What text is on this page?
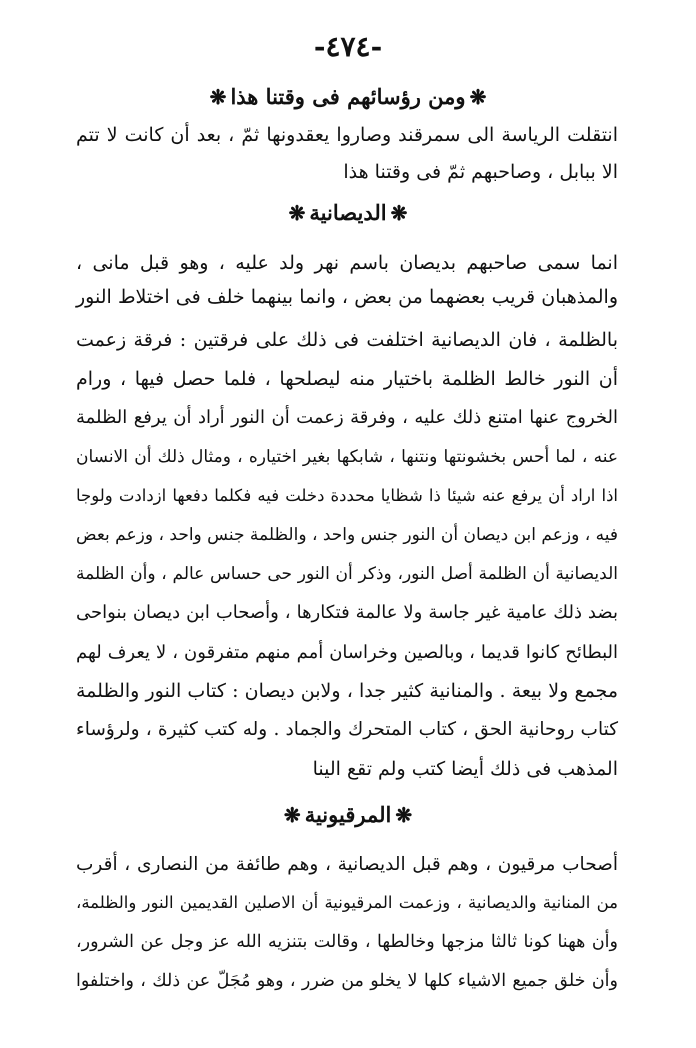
-٤٧٤-
❋ومن رؤسائهم فى وقتنا هذا❋
انتقلت الرياسة الى سمرقند وصاروا يعقدونها ثمّ ، بعد أن كانت لا تتم
الا ببابل ، وصاحبهم ثمّ فى وقتنا هذا
❋الديصانية❋
انما سمى صاحبهم بديصان باسم نهر ولد عليه ، وهو قبل مانى ،
والمذهبان قريب بعضهما من بعض ، وانما بينهما خلف فى اختلاط النور
بالظلمة ، فان الديصانية اختلفت فى ذلك على فرقتين : فرقة زعمت
أن النور خالط الظلمة باختيار منه ليصلحها ، فلما حصل فيها ، ورام
الخروج عنها امتنع ذلك عليه ، وفرقة زعمت أن النور أراد أن يرفع الظلمة
عنه ، لما أحس بخشونتها ونتنها ، شابكها بغير اختياره ، ومثال ذلك أن الانسان
اذا اراد أن يرفع عنه شيئا ذا شظايا محددة دخلت فيه فكلما دفعها ازدادت ولوجا
فيه ، وزعم ابن ديصان أن النور جنس واحد ، والظلمة جنس واحد ، وزعم بعض
الديصانية أن الظلمة أصل النور، وذكر أن النور حى حساس عالم ، وأن الظلمة
بضد ذلك عامية غير جاسة ولا عالمة فتكارها ، وأصحاب ابن ديصان بنواحى
البطائح كانوا قديما ، وبالصين وخراسان أمم منهم متفرقون ، لا يعرف لهم
مجمع ولا بيعة . والمنانية كثير جدا ، ولابن ديصان : كتاب النور والظلمة
كتاب روحانية الحق ، كتاب المتحرك والجماد . وله كتب كثيرة ، ولرؤساء
المذهب فى ذلك أيضا كتب ولم تقع الينا
❋المرقيونية❋
أصحاب مرقيون ، وهم قبل الديصانية ، وهم طائفة من النصارى ، أقرب
من المنانية والديصانية ، وزعمت المرقيونية أن الاصلين القديمين النور والظلمة،
وأن ههنا كونا ثالثا مزجها وخالطها ، وقالت بتنزيه الله عز وجل عن الشرور،
وأن خلق جميع الاشياء كلها لا يخلو من ضرر ، وهو مُجَلّ عن ذلك ، واختلفوا
